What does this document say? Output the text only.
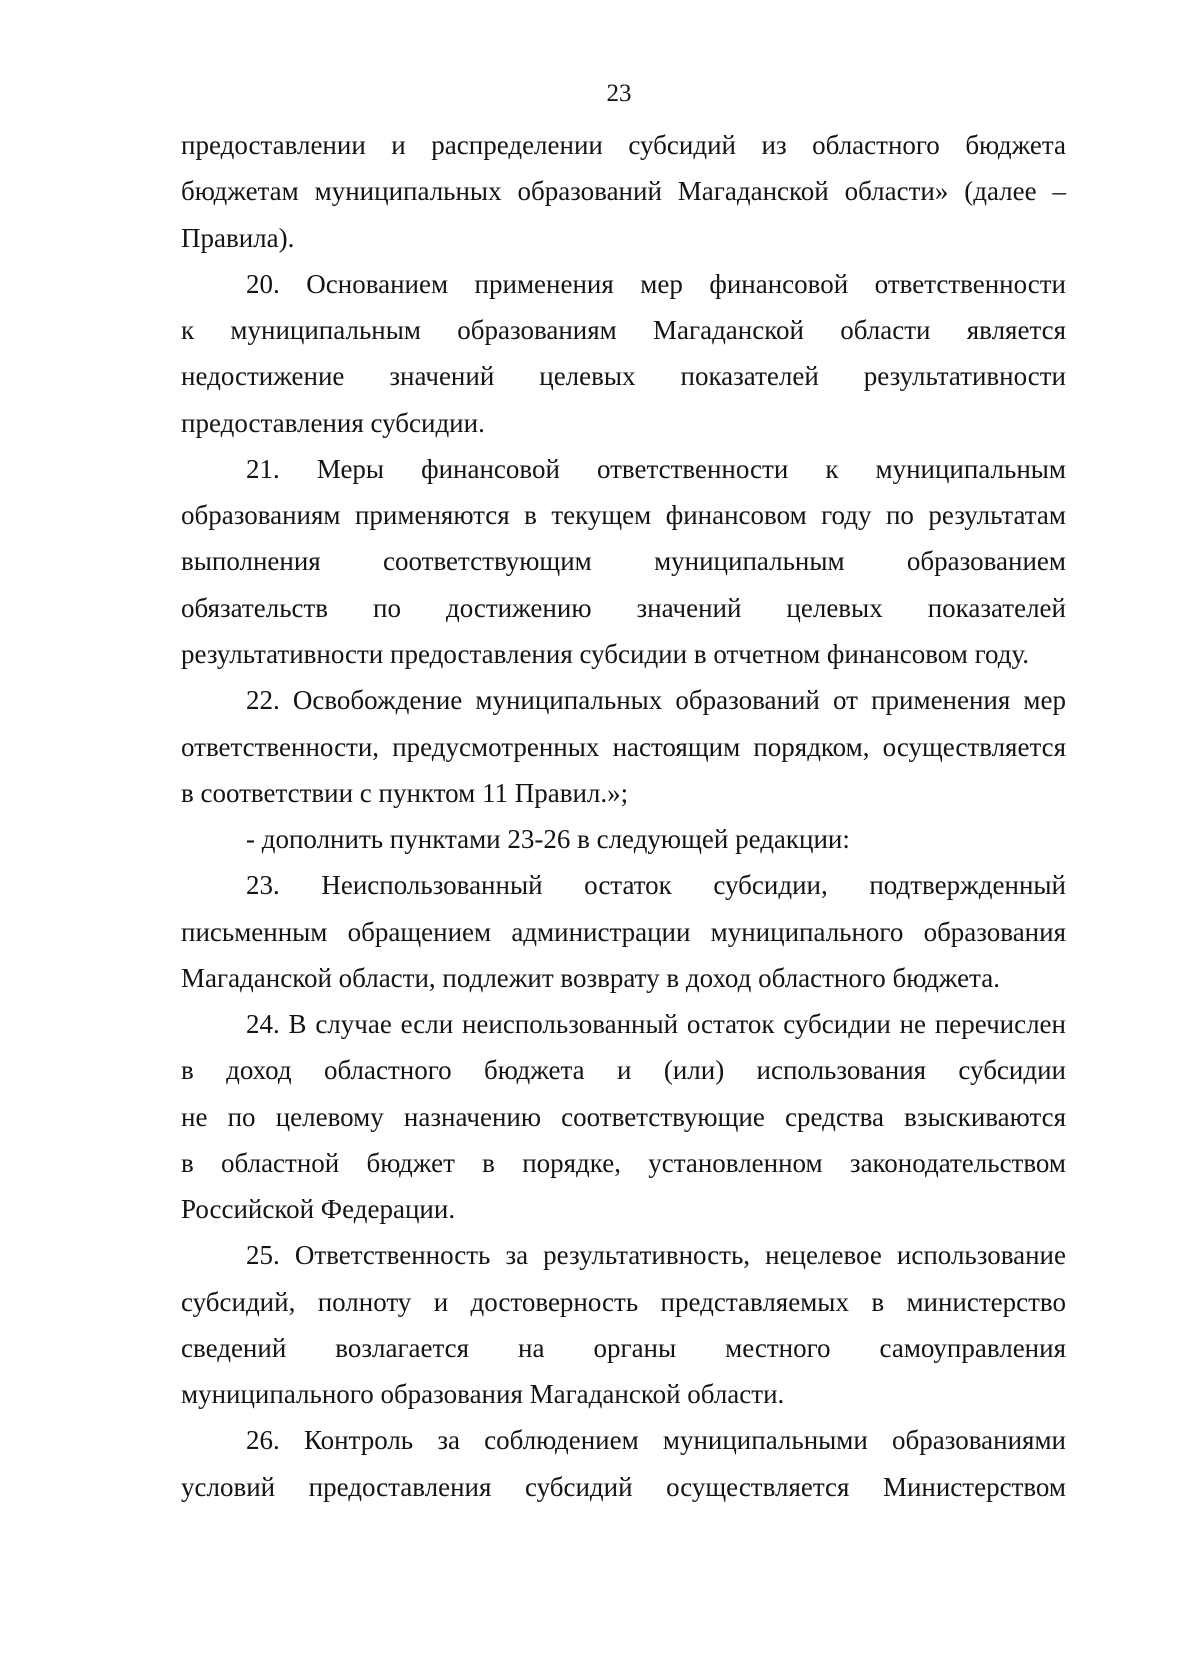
23
предоставлении и распределении субсидий из областного бюджета
бюджетам муниципальных образований Магаданской области» (далее –
Правила).
20. Основанием применения мер финансовой ответственности
к муниципальным образованиям Магаданской области является
недостижение значений целевых показателей результативности
предоставления субсидии.
21. Меры финансовой ответственности к муниципальным
образованиям применяются в текущем финансовом году по результатам
выполнения соответствующим муниципальным образованием
обязательств по достижению значений целевых показателей
результативности предоставления субсидии в отчетном финансовом году.
22. Освобождение муниципальных образований от применения мер
ответственности, предусмотренных настоящим порядком, осуществляется
в соответствии с пунктом 11 Правил.»;
- дополнить пунктами 23-26 в следующей редакции:
23. Неиспользованный остаток субсидии, подтвержденный
письменным обращением администрации муниципального образования
Магаданской области, подлежит возврату в доход областного бюджета.
24. В случае если неиспользованный остаток субсидии не перечислен
в доход областного бюджета и (или) использования субсидии
не по целевому назначению соответствующие средства взыскиваются
в областной бюджет в порядке, установленном законодательством
Российской Федерации.
25. Ответственность за результативность, нецелевое использование
субсидий, полноту и достоверность представляемых в министерство
сведений возлагается на органы местного самоуправления
муниципального образования Магаданской области.
26. Контроль за соблюдением муниципальными образованиями
условий предоставления субсидий осуществляется Министерством
